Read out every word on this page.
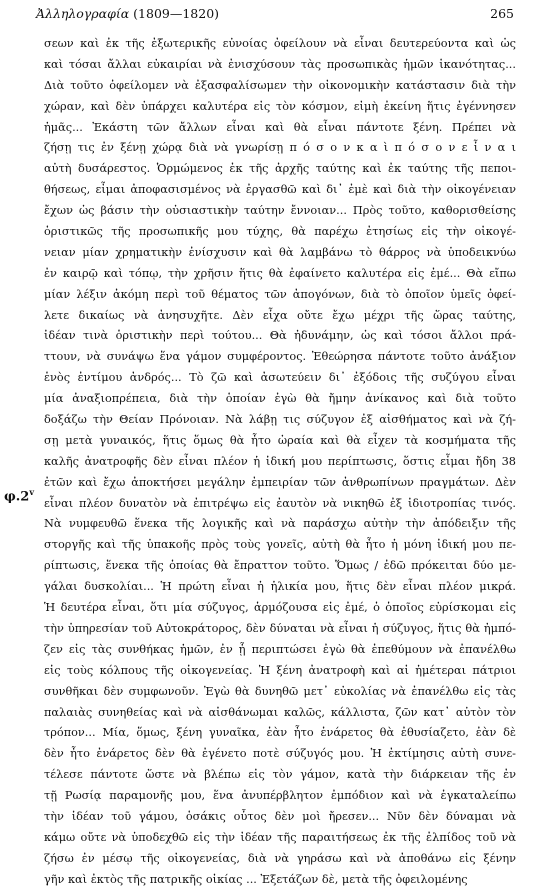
Ἀλληλογραφία (1809—1820)	265
φ.2$^v$
σεων καὶ ἐκ τῆς ἐξωτερικῆς εὐνοίας ὀφείλουν νὰ εἶναι δευτερεύοντα καὶ ὡς
καὶ τόσαι ἄλλαι εὐκαιρίαι νὰ ἐνισχύσουν τὰς προσωπικὰς ἡμῶν ἱκανότητας...
Διὰ τοῦτο ὀφείλομεν νὰ ἐξασφαλίσωμεν τὴν οἰκονομικὴν κατάστασιν διὰ τὴν
χώραν, καὶ δὲν ὑπάρχει καλυτέρα εἰς τὸν κόσμον, εἰμὴ ἐκείνη ἥτις ἐγέννησεν
ἡμᾶς... Ἐκάστη τῶν ἄλλων εἶναι καὶ θὰ εἶναι πάντοτε ξένη. Πρέπει νὰ
ζήσῃ τις ἐν ξένῃ χώρᾳ διὰ νὰ γνωρίσῃ π ό σ ο ν κ α ὶ π ό σ ο ν ε ἶ ν α ι
αὐτὴ δυσάρεστος. Ὁρμώμενος ἐκ τῆς ἀρχῆς ταύτης καὶ ἐκ ταύτης τῆς πεποι-
θήσεως, εἶμαι ἀποφασισμένος νὰ ἐργασθῶ καὶ δι᾽ ἐμὲ καὶ διὰ τὴν οἰκογένειαν
ἔχων ὡς βάσιν τὴν οὐσιαστικὴν ταύτην ἔννοιαν... Πρὸς τοῦτο, καθορισθείσης
ὁριστικῶς τῆς προσωπικῆς μου τύχης, θὰ παρέχω ἐτησίως εἰς τὴν οἰκογέ-
νειαν μίαν χρηματικὴν ἐνίσχυσιν καὶ θὰ λαμβάνω τὸ θάρρος νὰ ὑποδεικνύω
ἐν καιρῷ καὶ τόπῳ, τὴν χρῆσιν ἥτις θὰ ἐφαίνετο καλυτέρα εἰς ἐμέ... Θὰ εἴπω
μίαν λέξιν ἀκόμη περὶ τοῦ θέματος τῶν ἀπογόνων, διὰ τὸ ὁποῖον ὑμεῖς ὀφεί-
λετε δικαίως νὰ ἀνησυχῆτε. Δὲν εἶχα οὔτε ἔχω μέχρι τῆς ὥρας ταύτης,
ἰδέαν τινὰ ὁριστικὴν περὶ τούτου... Θὰ ἠδυνάμην, ὡς καὶ τόσοι ἄλλοι πρά-
ττουν, νὰ συνάψω ἕνα γάμον συμφέροντος. Ἐθεώρησα πάντοτε τοῦτο ἀνάξιον
ἑνὸς ἐντίμου ἀνδρός... Τὸ ζῶ καὶ ἀσωτεύειν δι᾽ ἐξόδοις τῆς συζύγου εἶναι
μία ἀναξιοπρέπεια, διὰ τὴν ὁποίαν ἐγὼ θὰ ἤμην ἀνίκανος καὶ διὰ τοῦτο
δοξάζω τὴν Θείαν Πρόνοιαν. Νὰ λάβῃ τις σύζυγον ἐξ αἰσθήματος καὶ νὰ ζή-
σῃ μετὰ γυναικός, ἥτις ὅμως θὰ ἦτο ὡραία καὶ θὰ εἶχεν τὰ κοσμήματα τῆς
καλῆς ἀνατροφῆς δὲν εἶναι πλέον ἡ ἰδική μου περίπτωσις, ὅστις εἶμαι ἤδη 38
ἐτῶν καὶ ἔχω ἀποκτήσει μεγάλην ἐμπειρίαν τῶν ἀνθρωπίνων πραγμάτων. Δὲν
εἶναι πλέον δυνατὸν νὰ ἐπιτρέψω εἰς ἐαυτὸν νὰ νικηθῶ ἐξ ἰδιοτροπίας τινός.
Νὰ νυμφευθῶ ἕνεκα τῆς λογικῆς καὶ νὰ παράσχω αὐτὴν τὴν ἀπόδειξιν τῆς
στοργῆς καὶ τῆς ὑπακοῆς πρὸς τοὺς γονεῖς, αὐτὴ θὰ ἦτο ἡ μόνη ἰδική μου πε-
ρίπτωσις, ἕνεκα τῆς ὁποίας θὰ ἔπραττον τοῦτο. Ὅμως / ἐδῶ πρόκειται δύο με-
γάλαι δυσκολίαι... Ἡ πρώτη εἶναι ἡ ἡλικία μου, ἥτις δὲν εἶναι πλέον μικρά.
Ἡ δευτέρα εἶναι, ὅτι μία σύζυγος, ἁρμόζουσα εἰς ἐμέ, ὁ ὁποῖος εὑρίσκομαι εἰς
τὴν ὑπηρεσίαν τοῦ Αὐτοκράτορος, δὲν δύναται νὰ εἶναι ἡ σύζυγος, ἥτις θὰ ἠμπό-
ζεν εἰς τὰς συνθήκας ἡμῶν, ἐν ᾗ περιπτώσει ἐγὼ θὰ ἐπεθύμουν νὰ ἐπανέλθω
εἰς τοὺς κόλπους τῆς οἰκογενείας. Ἡ ξένη ἀνατροφὴ καὶ αἱ ἡμέτεραι πάτριοι
συνθῆκαι δὲν συμφωνοῦν. Ἐγὼ θὰ δυνηθῶ μετ᾽ εὐκολίας νὰ ἐπανέλθω εἰς τὰς
παλαιὰς συνηθείας καὶ νὰ αἰσθάνωμαι καλῶς, κάλλιστα, ζῶν κατ᾽ αὐτὸν τὸν
τρόπον... Μία, ὅμως, ξένη γυναῖκα, ἐὰν ἦτο ἐνάρετος θὰ ἐθυσίαζετο, ἐὰν δὲ
δὲν ἦτο ἐνάρετος δὲν θὰ ἐγένετο ποτὲ σύζυγός μου. Ἡ ἐκτίμησις αὐτὴ συνε-
τέλεσε πάντοτε ὥστε νὰ βλέπω εἰς τὸν γάμον, κατὰ τὴν διάρκειαν τῆς ἐν
τῇ Ρωσίᾳ παραμονῆς μου, ἕνα ἀνυπέρβλητον ἐμπόδιον καὶ νὰ ἐγκαταλείπω
τὴν ἰδέαν τοῦ γάμου, ὁσάκις οὗτος δὲν μοὶ ἤρεσεν... Νῦν δὲν δύναμαι νὰ
κάμω οὔτε νὰ ὑποδεχθῶ εἰς τὴν ἰδέαν τῆς παραιτήσεως ἐκ τῆς ἐλπίδος τοῦ νὰ
ζήσω ἐν μέσῳ τῆς οἰκογενείας, διὰ νὰ γηράσω καὶ νὰ ἀποθάνω εἰς ξένην
γῆν καὶ ἐκτὸς τῆς πατρικῆς οἰκίας ... Ἐξετάζων δὲ, μετὰ τῆς ὀφειλομένης
